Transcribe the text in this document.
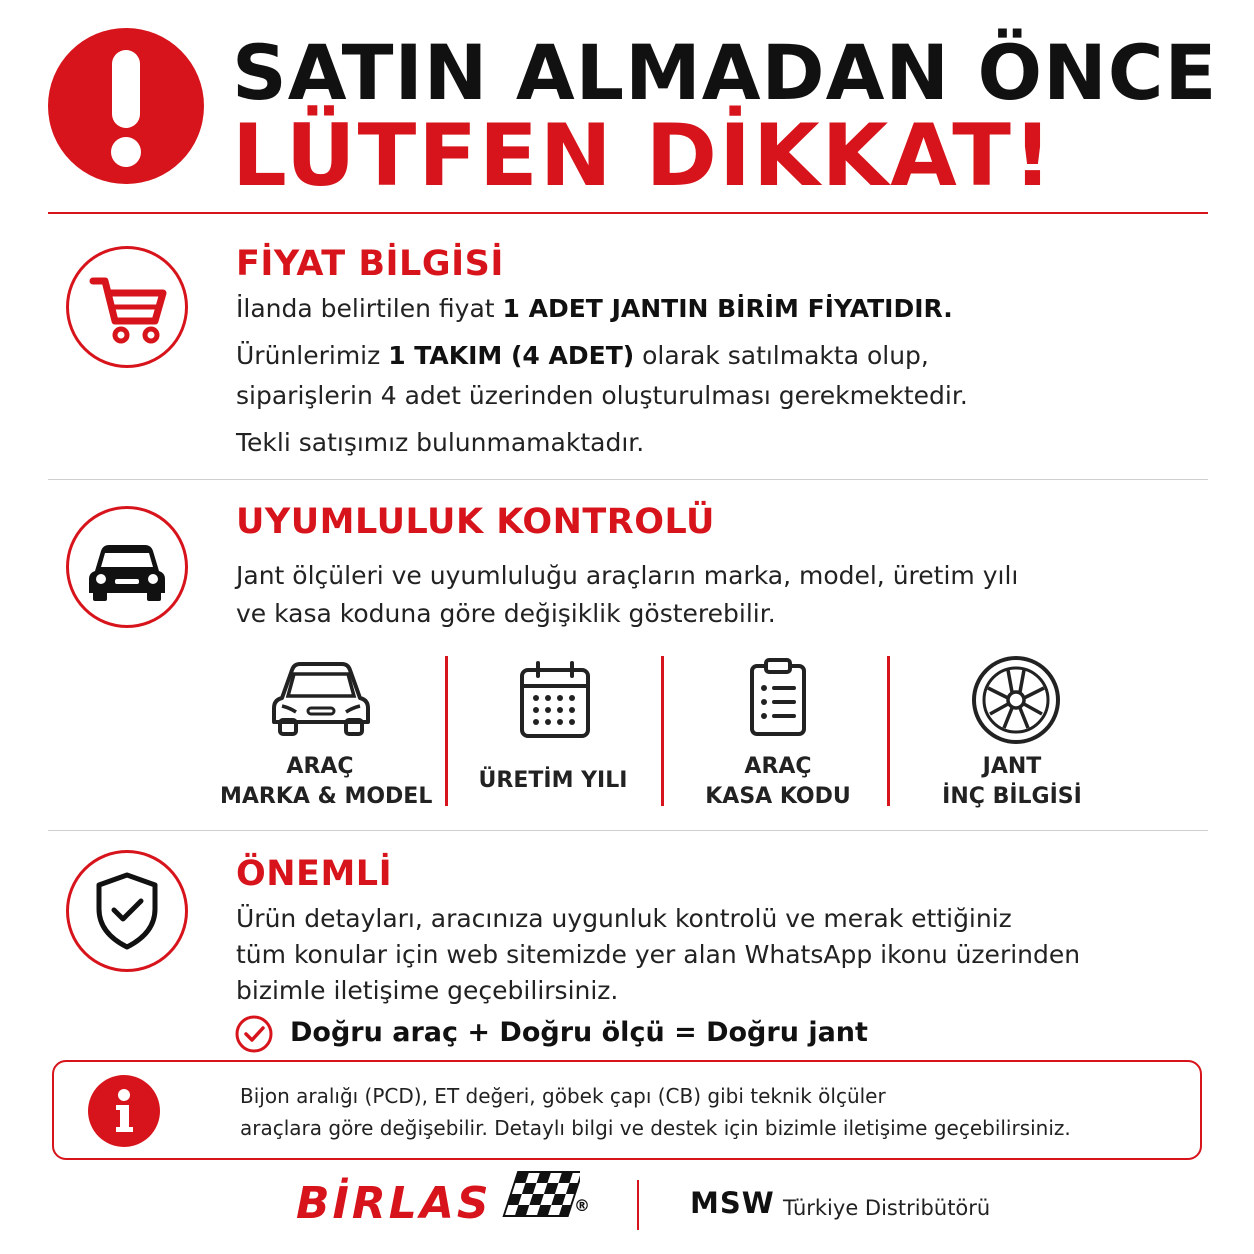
SATIN ALMADAN ÖNCE
LÜTFEN DİKKAT!
FİYAT BİLGİSİ
İlanda belirtilen fiyat 1 ADET JANTIN BİRİM FİYATIDIR.
Ürünlerimiz 1 TAKIM (4 ADET) olarak satılmakta olup,
siparişlerin 4 adet üzerinden oluşturulması gerekmektedir.
Tekli satışımız bulunmamaktadır.
UYUMLULUK KONTROLÜ
Jant ölçüleri ve uyumluluğu araçların marka, model, üretim yılı
ve kasa koduna göre değişiklik gösterebilir.
ARAÇ
MARKA & MODEL
ÜRETİM YILI
ARAÇ
KASA KODU
JANT
İNÇ BİLGİSİ
ÖNEMLİ
Ürün detayları, aracınıza uygunluk kontrolü ve merak ettiğiniz
tüm konular için web sitemizde yer alan WhatsApp ikonu üzerinden
bizimle iletişime geçebilirsiniz.
Doğru araç + Doğru ölçü = Doğru jant
Bijon aralığı (PCD), ET değeri, göbek çapı (CB) gibi teknik ölçüler
araçlara göre değişebilir. Detaylı bilgi ve destek için bizimle iletişime geçebilirsiniz.
BİRLAS	®	MSW Türkiye Distribütörü
